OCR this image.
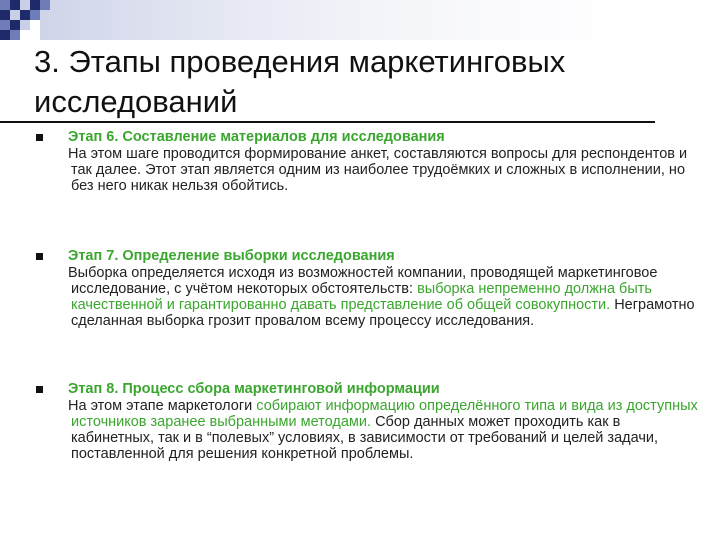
3. Этапы проведения маркетинговых исследований
Этап 6. Составление материалов для исследования
На этом шаге проводится формирование анкет, составляются вопросы для респондентов и так далее. Этот этап является одним из наиболее трудоёмких и сложных в исполнении, но без него никак нельзя обойтись.
Этап 7. Определение выборки исследования
Выборка определяется исходя из возможностей компании, проводящей маркетинговое исследование, с учётом некоторых обстоятельств: выборка непременно должна быть качественной и гарантированно давать представление об общей совокупности. Неграмотно сделанная выборка грозит провалом всему процессу исследования.
Этап 8. Процесс сбора маркетинговой информации
На этом этапе маркетологи собирают информацию определённого типа и вида из доступных источников заранее выбранными методами. Сбор данных может проходить как в кабинетных, так и в “полевых” условиях, в зависимости от требований и целей задачи, поставленной для решения конкретной проблемы.
